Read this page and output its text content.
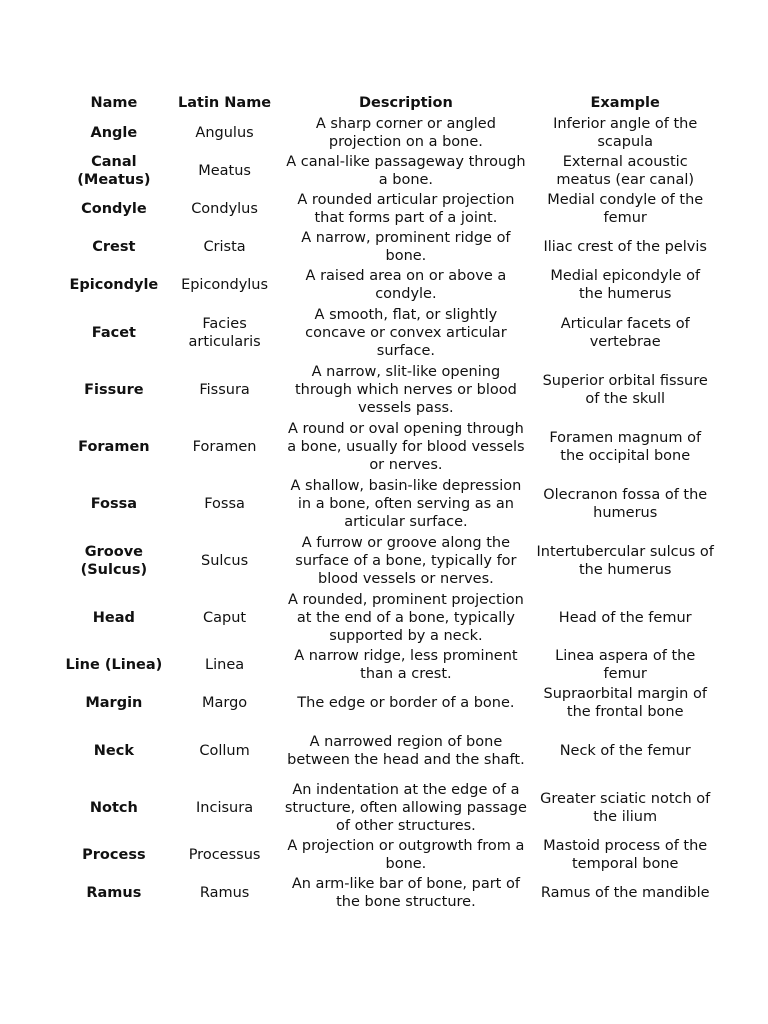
Name	Latin Name	Description	Example
Angle	Angulus	A sharp corner or angled projection on a bone.	Inferior angle of the scapula
Canal (Meatus)	Meatus	A canal-like passageway through a bone.	External acoustic meatus (ear canal)
Condyle	Condylus	A rounded articular projection that forms part of a joint.	Medial condyle of the femur
Crest	Crista	A narrow, prominent ridge of bone.	Iliac crest of the pelvis
Epicondyle	Epicondylus	A raised area on or above a condyle.	Medial epicondyle of the humerus
Facet	Facies articularis	A smooth, flat, or slightly concave or convex articular surface.	Articular facets of vertebrae
Fissure	Fissura	A narrow, slit-like opening through which nerves or blood vessels pass.	Superior orbital fissure of the skull
Foramen	Foramen	A round or oval opening through a bone, usually for blood vessels or nerves.	Foramen magnum of the occipital bone
Fossa	Fossa	A shallow, basin-like depression in a bone, often serving as an articular surface.	Olecranon fossa of the humerus
Groove (Sulcus)	Sulcus	A furrow or groove along the surface of a bone, typically for blood vessels or nerves.	Intertubercular sulcus of the humerus
Head	Caput	A rounded, prominent projection at the end of a bone, typically supported by a neck.	Head of the femur
Line (Linea)	Linea	A narrow ridge, less prominent than a crest.	Linea aspera of the femur
Margin	Margo	The edge or border of a bone.	Supraorbital margin of the frontal bone
Neck	Collum	A narrowed region of bone between the head and the shaft.	Neck of the femur
Notch	Incisura	An indentation at the edge of a structure, often allowing passage of other structures.	Greater sciatic notch of the ilium
Process	Processus	A projection or outgrowth from a bone.	Mastoid process of the temporal bone
Ramus	Ramus	An arm-like bar of bone, part of the bone structure.	Ramus of the mandible
